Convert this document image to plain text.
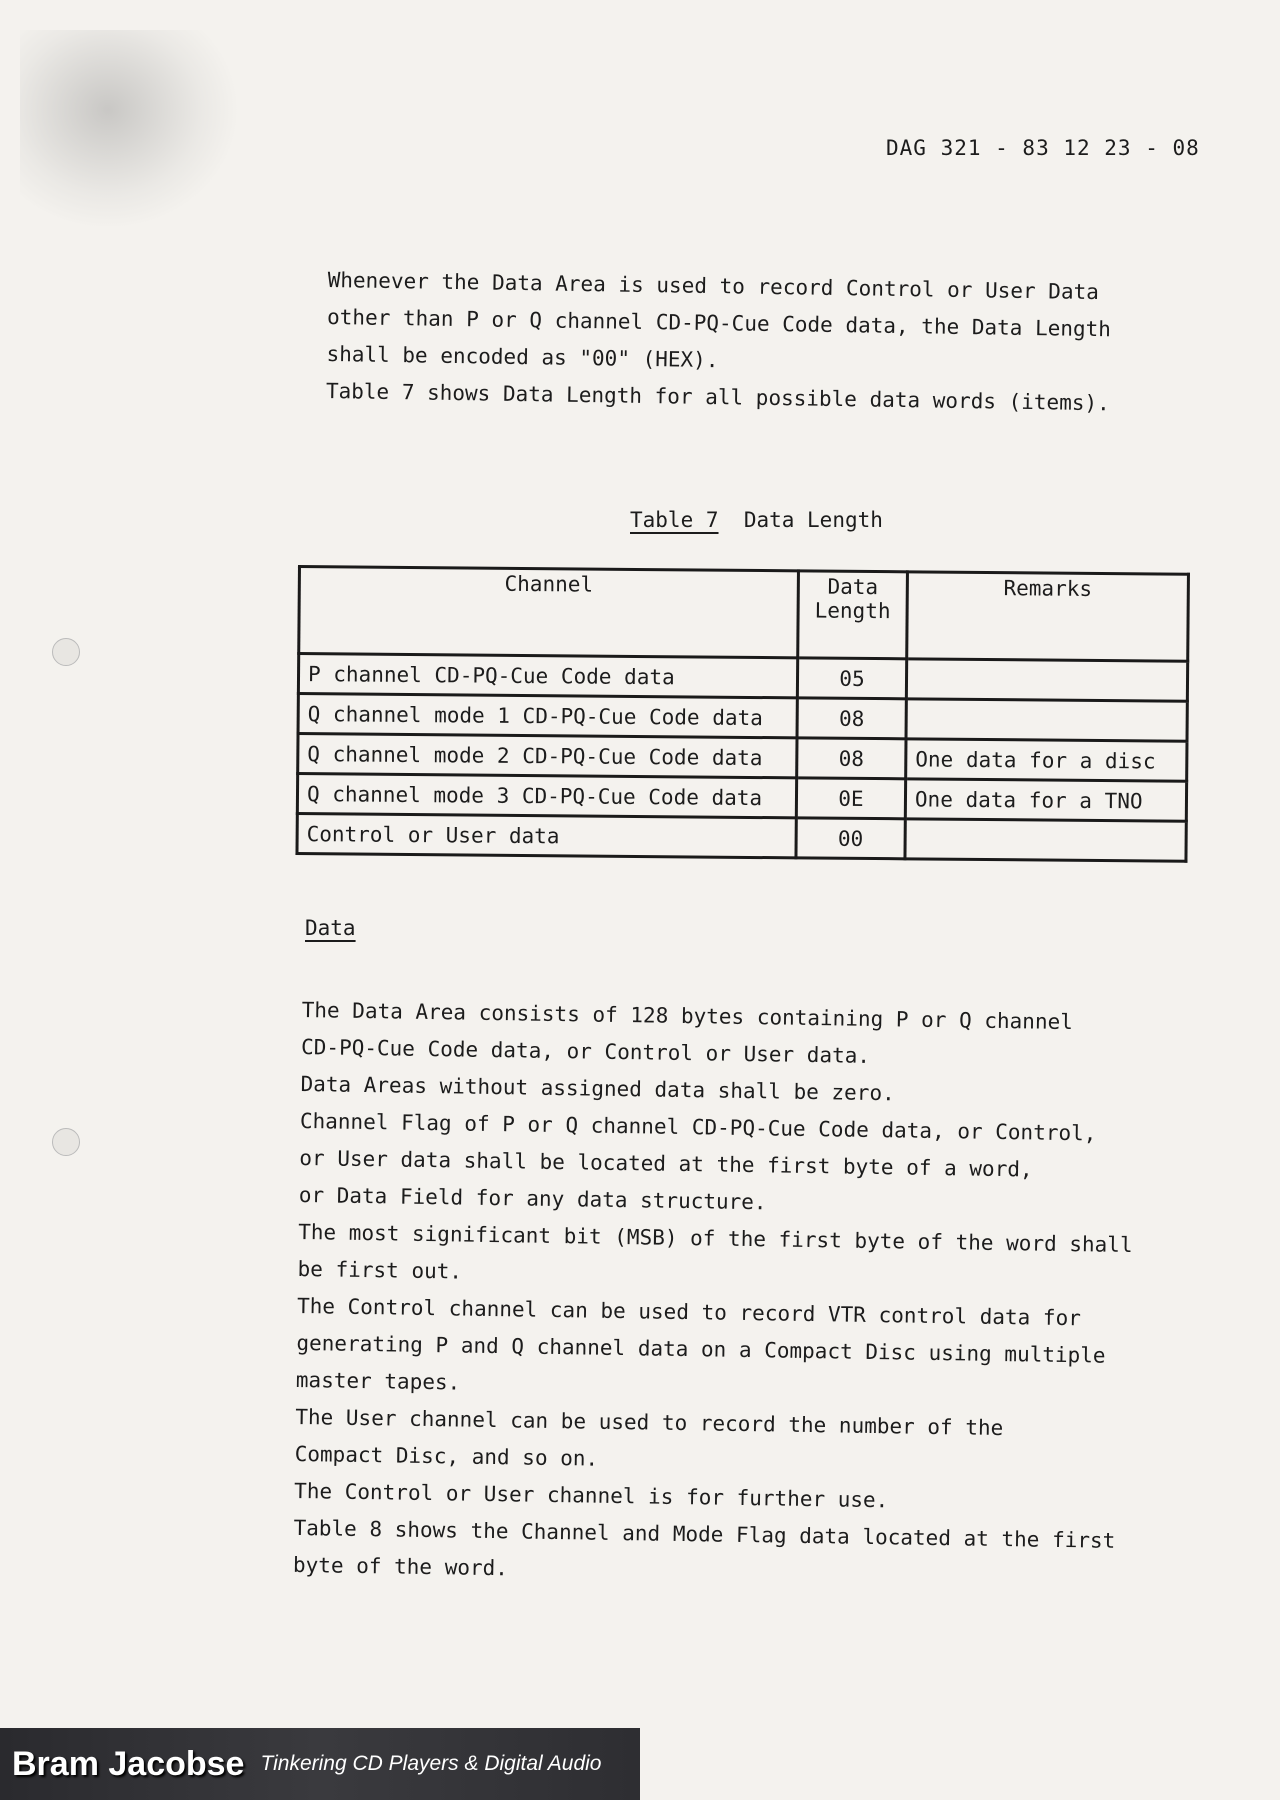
DAG 321 - 83 12 23 - 08
Whenever the Data Area is used to record Control or User Data
other than P or Q channel CD-PQ-Cue Code data, the Data Length
shall be encoded as "00" (HEX).
Table 7 shows Data Length for all possible data words (items).
Table 7 Data Length
Channel	Data Length	Remarks
P channel CD-PQ-Cue Code data	05	
Q channel mode 1 CD-PQ-Cue Code data	08	
Q channel mode 2 CD-PQ-Cue Code data	08	One data for a disc
Q channel mode 3 CD-PQ-Cue Code data	0E	One data for a TNO
Control or User data	00	
Data
The Data Area consists of 128 bytes containing P or Q channel
CD-PQ-Cue Code data, or Control or User data.
Data Areas without assigned data shall be zero.
Channel Flag of P or Q channel CD-PQ-Cue Code data, or Control,
or User data shall be located at the first byte of a word,
or Data Field for any data structure.
The most significant bit (MSB) of the first byte of the word shall
be first out.
The Control channel can be used to record VTR control data for
generating P and Q channel data on a Compact Disc using multiple
master tapes.
The User channel can be used to record the number of the
Compact Disc, and so on.
The Control or User channel is for further use.
Table 8 shows the Channel and Mode Flag data located at the first
byte of the word.
Bram Jacobse Tinkering CD Players & Digital Audio
